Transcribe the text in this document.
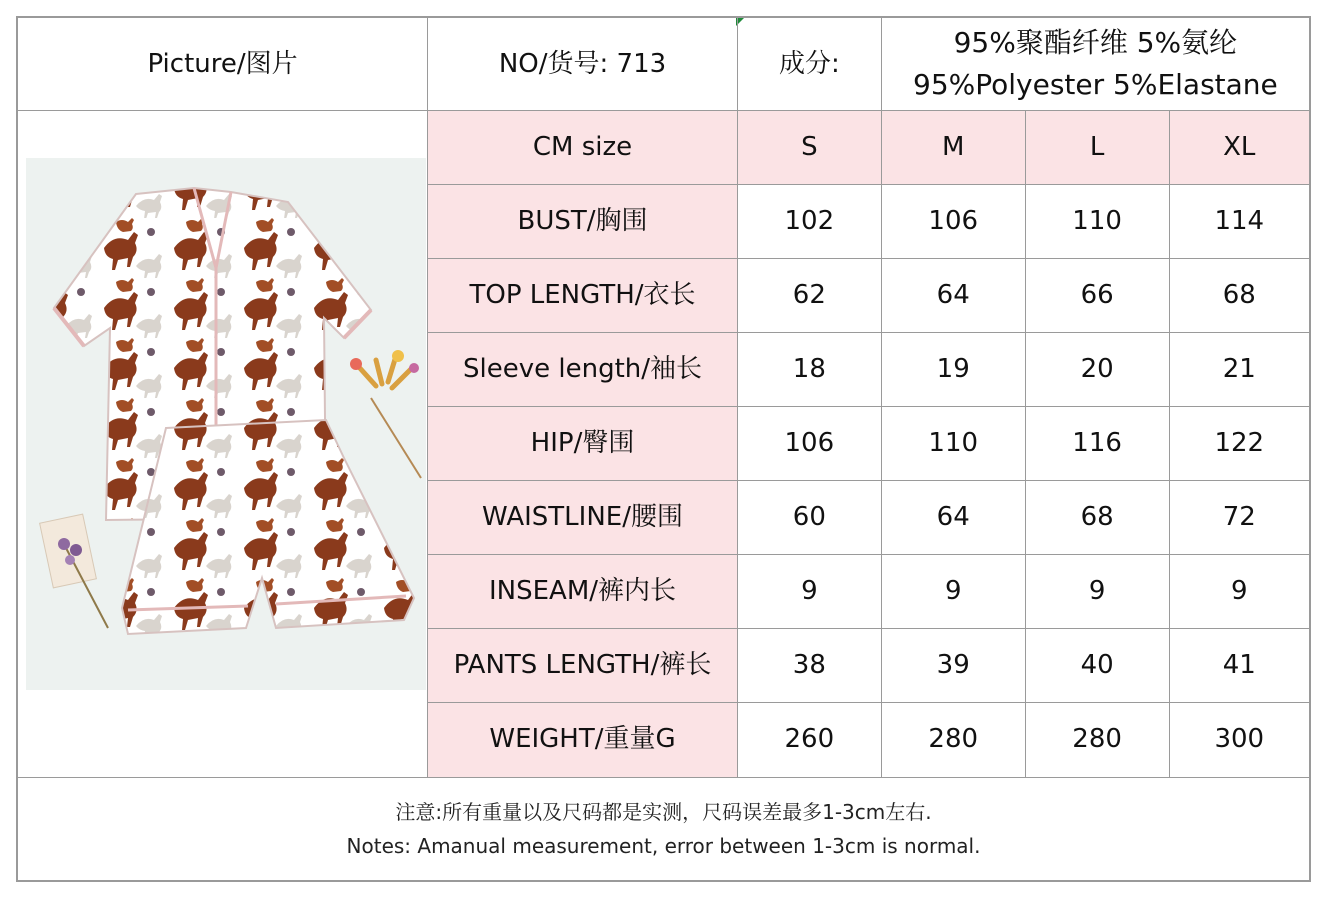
Picture/图片	NO/货号: 713	成分:	95%聚酯纤维 5%氨纶
95%Polyester 5%Elastane		

	CM size	S	M	L	XL
	BUST/胸围	102	106	110	114
	TOP LENGTH/衣长	62	64	66	68
	Sleeve length/袖长	18	19	20	21
	HIP/臀围	106	110	116	122
	WAISTLINE/腰围	60	64	68	72
	INSEAM/裤内长	9	9	9	9
	PANTS LENGTH/裤长	38	39	40	41
	WEIGHT/重量G	260	280	280	300
注意:所有重量以及尺码都是实测，尺码误差最多1-3cm左右.
Notes: Amanual measurement, error between 1-3cm is normal.
